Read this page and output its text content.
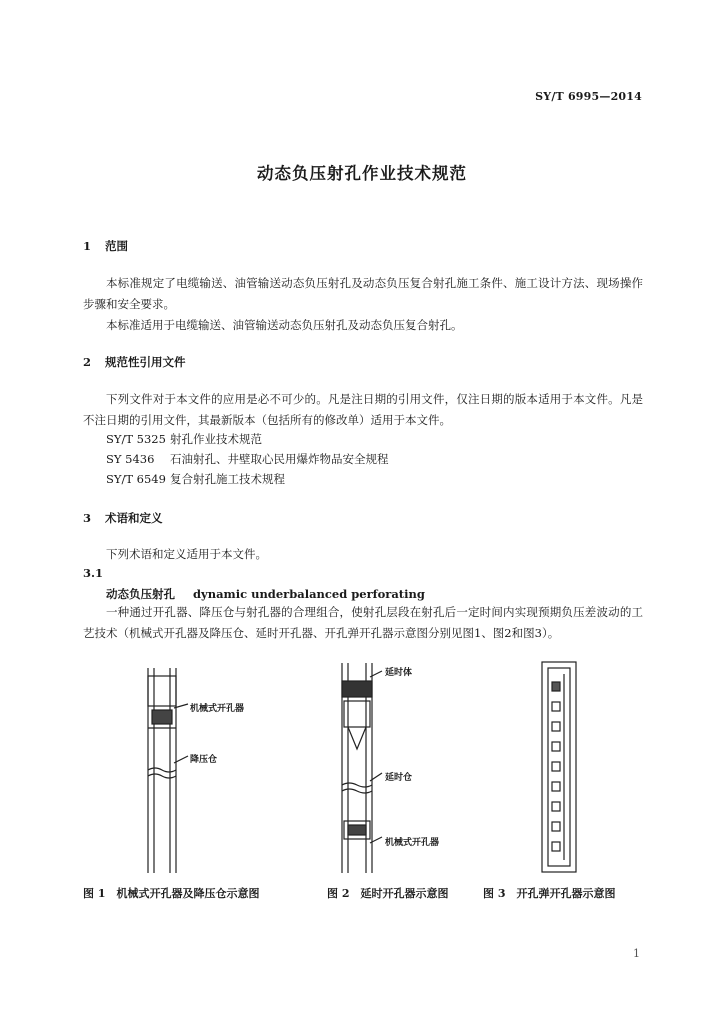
SY/T 6995—2014
动态负压射孔作业技术规范
1 范围
本标准规定了电缆输送、油管输送动态负压射孔及动态负压复合射孔施工条件、施工设计方法、现场操作步骤和安全要求。
本标准适用于电缆输送、油管输送动态负压射孔及动态负压复合射孔。
2 规范性引用文件
下列文件对于本文件的应用是必不可少的。凡是注日期的引用文件，仅注日期的版本适用于本文件。凡是不注日期的引用文件，其最新版本（包括所有的修改单）适用于本文件。
SY/T 5325 射孔作业技术规范
SY 5436 石油射孔、井壁取心民用爆炸物品安全规程
SY/T 6549 复合射孔施工技术规程
3 术语和定义
下列术语和定义适用于本文件。
3.1
动态负压射孔 dynamic underbalanced perforating
一种通过开孔器、降压仓与射孔器的合理组合，使射孔层段在射孔后一定时间内实现预期负压差波动的工艺技术（机械式开孔器及降压仓、延时开孔器、开孔弹开孔器示意图分别见图1、图2和图3）。
机械式开孔器
降压仓
延时体
延时仓
机械式开孔器
图 1　机械式开孔器及降压仓示意图	图 2　延时开孔器示意图	图 3　开孔弹开孔器示意图
1
